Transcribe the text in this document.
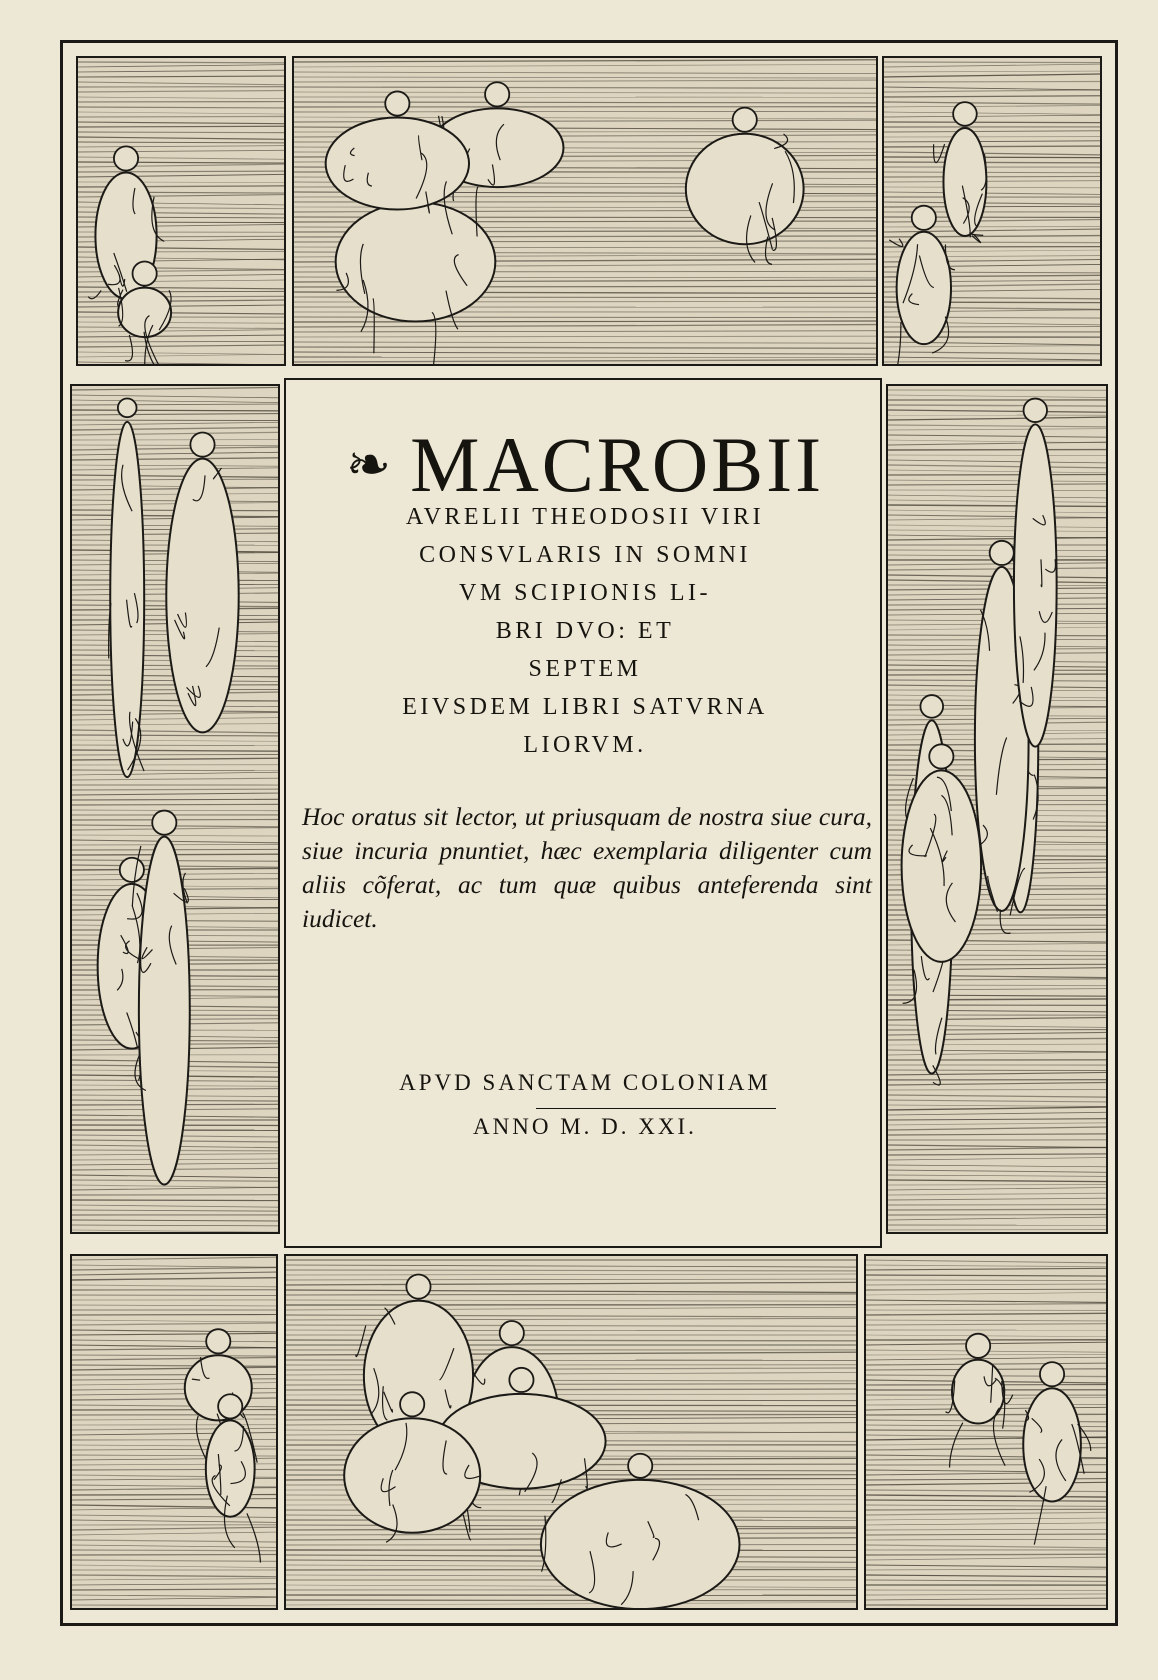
❧ MACROBII
AVRELII THEODOSII VIRI
CONSVLARIS IN SOMNI
VM SCIPIONIS LI-
BRI DVO: ET
SEPTEM
EIVSDEM LIBRI SATVRNA
LIORVM.
Hoc oratus sit lector, ut priusquam de nostra siue cura, siue incuria pnuntiet, hæc exemplaria diligenter cum aliis cõferat, ac tum quæ quibus anteferenda sint iudicet.
APVD SANCTAM COLONIAM
ANNO M. D. XXI.
